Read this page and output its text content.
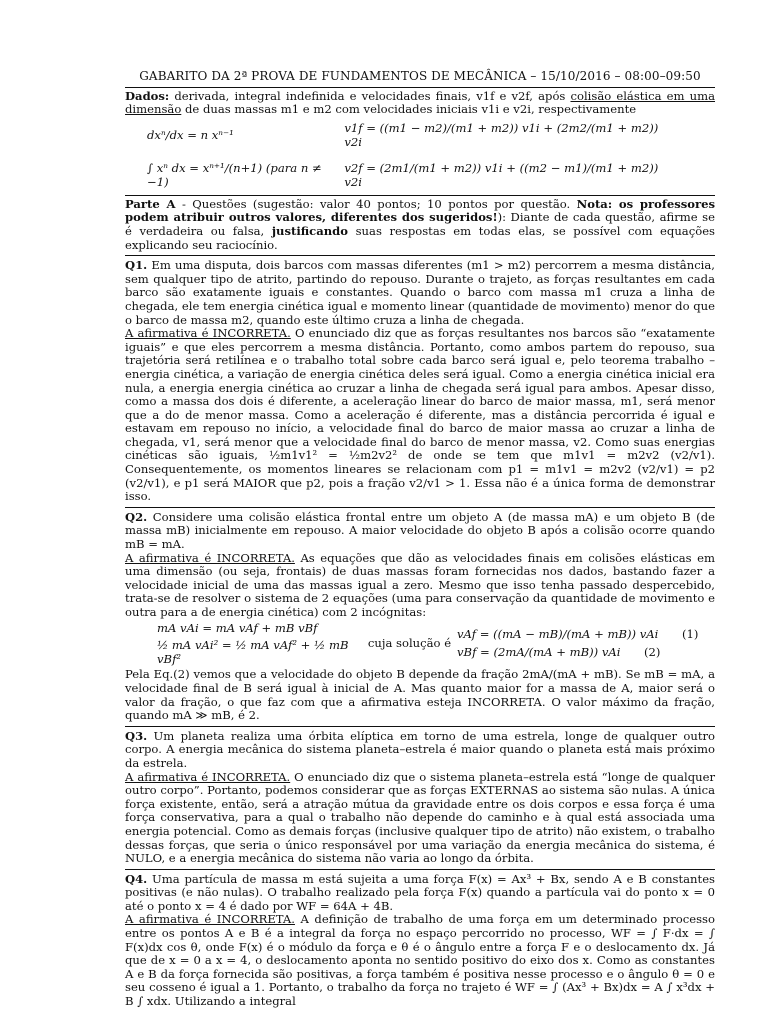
GABARITO DA 2ª PROVA DE FUNDAMENTOS DE MECÂNICA – 15/10/2016 – 08:00–09:50

Dados: derivada, integral indefinida e velocidades finais, v1f e v2f, após colisão elástica em uma dimensão de duas massas m1 e m2 com velocidades iniciais v1i e v2i, respectivamente

dxⁿ/dx = n xⁿ⁻¹
∫ xⁿ dx = xⁿ⁺¹/(n+1) (para n ≠ −1)
v1f = ((m1 − m2)/(m1 + m2)) v1i + (2m2/(m1 + m2)) v2i
v2f = (2m1/(m1 + m2)) v1i + ((m2 − m1)/(m1 + m2)) v2i

Parte A - Questões (sugestão: valor 40 pontos; 10 pontos por questão. Nota: os professores podem atribuir outros valores, diferentes dos sugeridos!): Diante de cada questão, afirme se é verdadeira ou falsa, justificando suas respostas em todas elas, se possível com equações explicando seu raciocínio.

Q1. Em uma disputa, dois barcos com massas diferentes (m1 > m2) percorrem a mesma distância, sem qualquer tipo de atrito, partindo do repouso. Durante o trajeto, as forças resultantes em cada barco são exatamente iguais e constantes. Quando o barco com massa m1 cruza a linha de chegada, ele tem energia cinética igual e momento linear (quantidade de movimento) menor do que o barco de massa m2, quando este último cruza a linha de chegada.

A afirmativa é INCORRETA. O enunciado diz que as forças resultantes nos barcos são “exatamente iguais” e que eles percorrem a mesma distância. Portanto, como ambos partem do repouso, sua trajetória será retilínea e o trabalho total sobre cada barco será igual e, pelo teorema trabalho – energia cinética, a variação de energia cinética deles será igual. Como a energia cinética inicial era nula, a energia energia cinética ao cruzar a linha de chegada será igual para ambos. Apesar disso, como a massa dos dois é diferente, a aceleração linear do barco de maior massa, m1, será menor que a do de menor massa. Como a aceleração é diferente, mas a distância percorrida é igual e estavam em repouso no início, a velocidade final do barco de maior massa ao cruzar a linha de chegada, v1, será menor que a velocidade final do barco de menor massa, v2. Como suas energias cinéticas são iguais, ½m1v1² = ½m2v2² de onde se tem que m1v1 = m2v2 (v2/v1). Consequentemente, os momentos lineares se relacionam com p1 = m1v1 = m2v2 (v2/v1) = p2 (v2/v1), e p1 será MAIOR que p2, pois a fração v2/v1 > 1. Essa não é a única forma de demonstrar isso.

Q2. Considere uma colisão elástica frontal entre um objeto A (de massa mA) e um objeto B (de massa mB) inicialmente em repouso. A maior velocidade do objeto B após a colisão ocorre quando mB = mA.

A afirmativa é INCORRETA. As equações que dão as velocidades finais em colisões elásticas em uma dimensão (ou seja, frontais) de duas massas foram fornecidas nos dados, bastando fazer a velocidade inicial de uma das massas igual a zero. Mesmo que isso tenha passado despercebido, trata-se de resolver o sistema de 2 equações (uma para conservação da quantidade de movimento e outra para a de energia cinética) com 2 incógnitas:

mA vAi = mA vAf + mB vBf
½ mA vAi² = ½ mA vAf² + ½ mB vBf²
cuja solução é
vAf = ((mA − mB)/(mA + mB)) vAi (1)
vBf = (2mA/(mA + mB)) vAi (2)

Pela Eq.(2) vemos que a velocidade do objeto B depende da fração 2mA/(mA + mB). Se mB = mA, a velocidade final de B será igual à inicial de A. Mas quanto maior for a massa de A, maior será o valor da fração, o que faz com que a afirmativa esteja INCORRETA. O valor máximo da fração, quando mA ≫ mB, é 2.

Q3. Um planeta realiza uma órbita elíptica em torno de uma estrela, longe de qualquer outro corpo. A energia mecânica do sistema planeta–estrela é maior quando o planeta está mais próximo da estrela.

A afirmativa é INCORRETA. O enunciado diz que o sistema planeta–estrela está “longe de qualquer outro corpo”. Portanto, podemos considerar que as forças EXTERNAS ao sistema são nulas. A única força existente, então, será a atração mútua da gravidade entre os dois corpos e essa força é uma força conservativa, para a qual o trabalho não depende do caminho e à qual está associada uma energia potencial. Como as demais forças (inclusive qualquer tipo de atrito) não existem, o trabalho dessas forças, que seria o único responsável por uma variação da energia mecânica do sistema, é NULO, e a energia mecânica do sistema não varia ao longo da órbita.

Q4. Uma partícula de massa m está sujeita a uma força F(x) = Ax³ + Bx, sendo A e B constantes positivas (e não nulas). O trabalho realizado pela força F(x) quando a partícula vai do ponto x = 0 até o ponto x = 4 é dado por WF = 64A + 4B.

A afirmativa é INCORRETA. A definição de trabalho de uma força em um determinado processo entre os pontos A e B é a integral da força no espaço percorrido no processo, WF = ∫ F·dx = ∫ F(x)dx cos θ, onde F(x) é o módulo da força e θ é o ângulo entre a força F e o deslocamento dx. Já que de x = 0 a x = 4, o deslocamento aponta no sentido positivo do eixo dos x. Como as constantes A e B da força fornecida são positivas, a força também é positiva nesse processo e o ângulo θ = 0 e seu cosseno é igual a 1. Portanto, o trabalho da força no trajeto é WF = ∫ (Ax³ + Bx)dx = A ∫ x³dx + B ∫ xdx. Utilizando a integral
